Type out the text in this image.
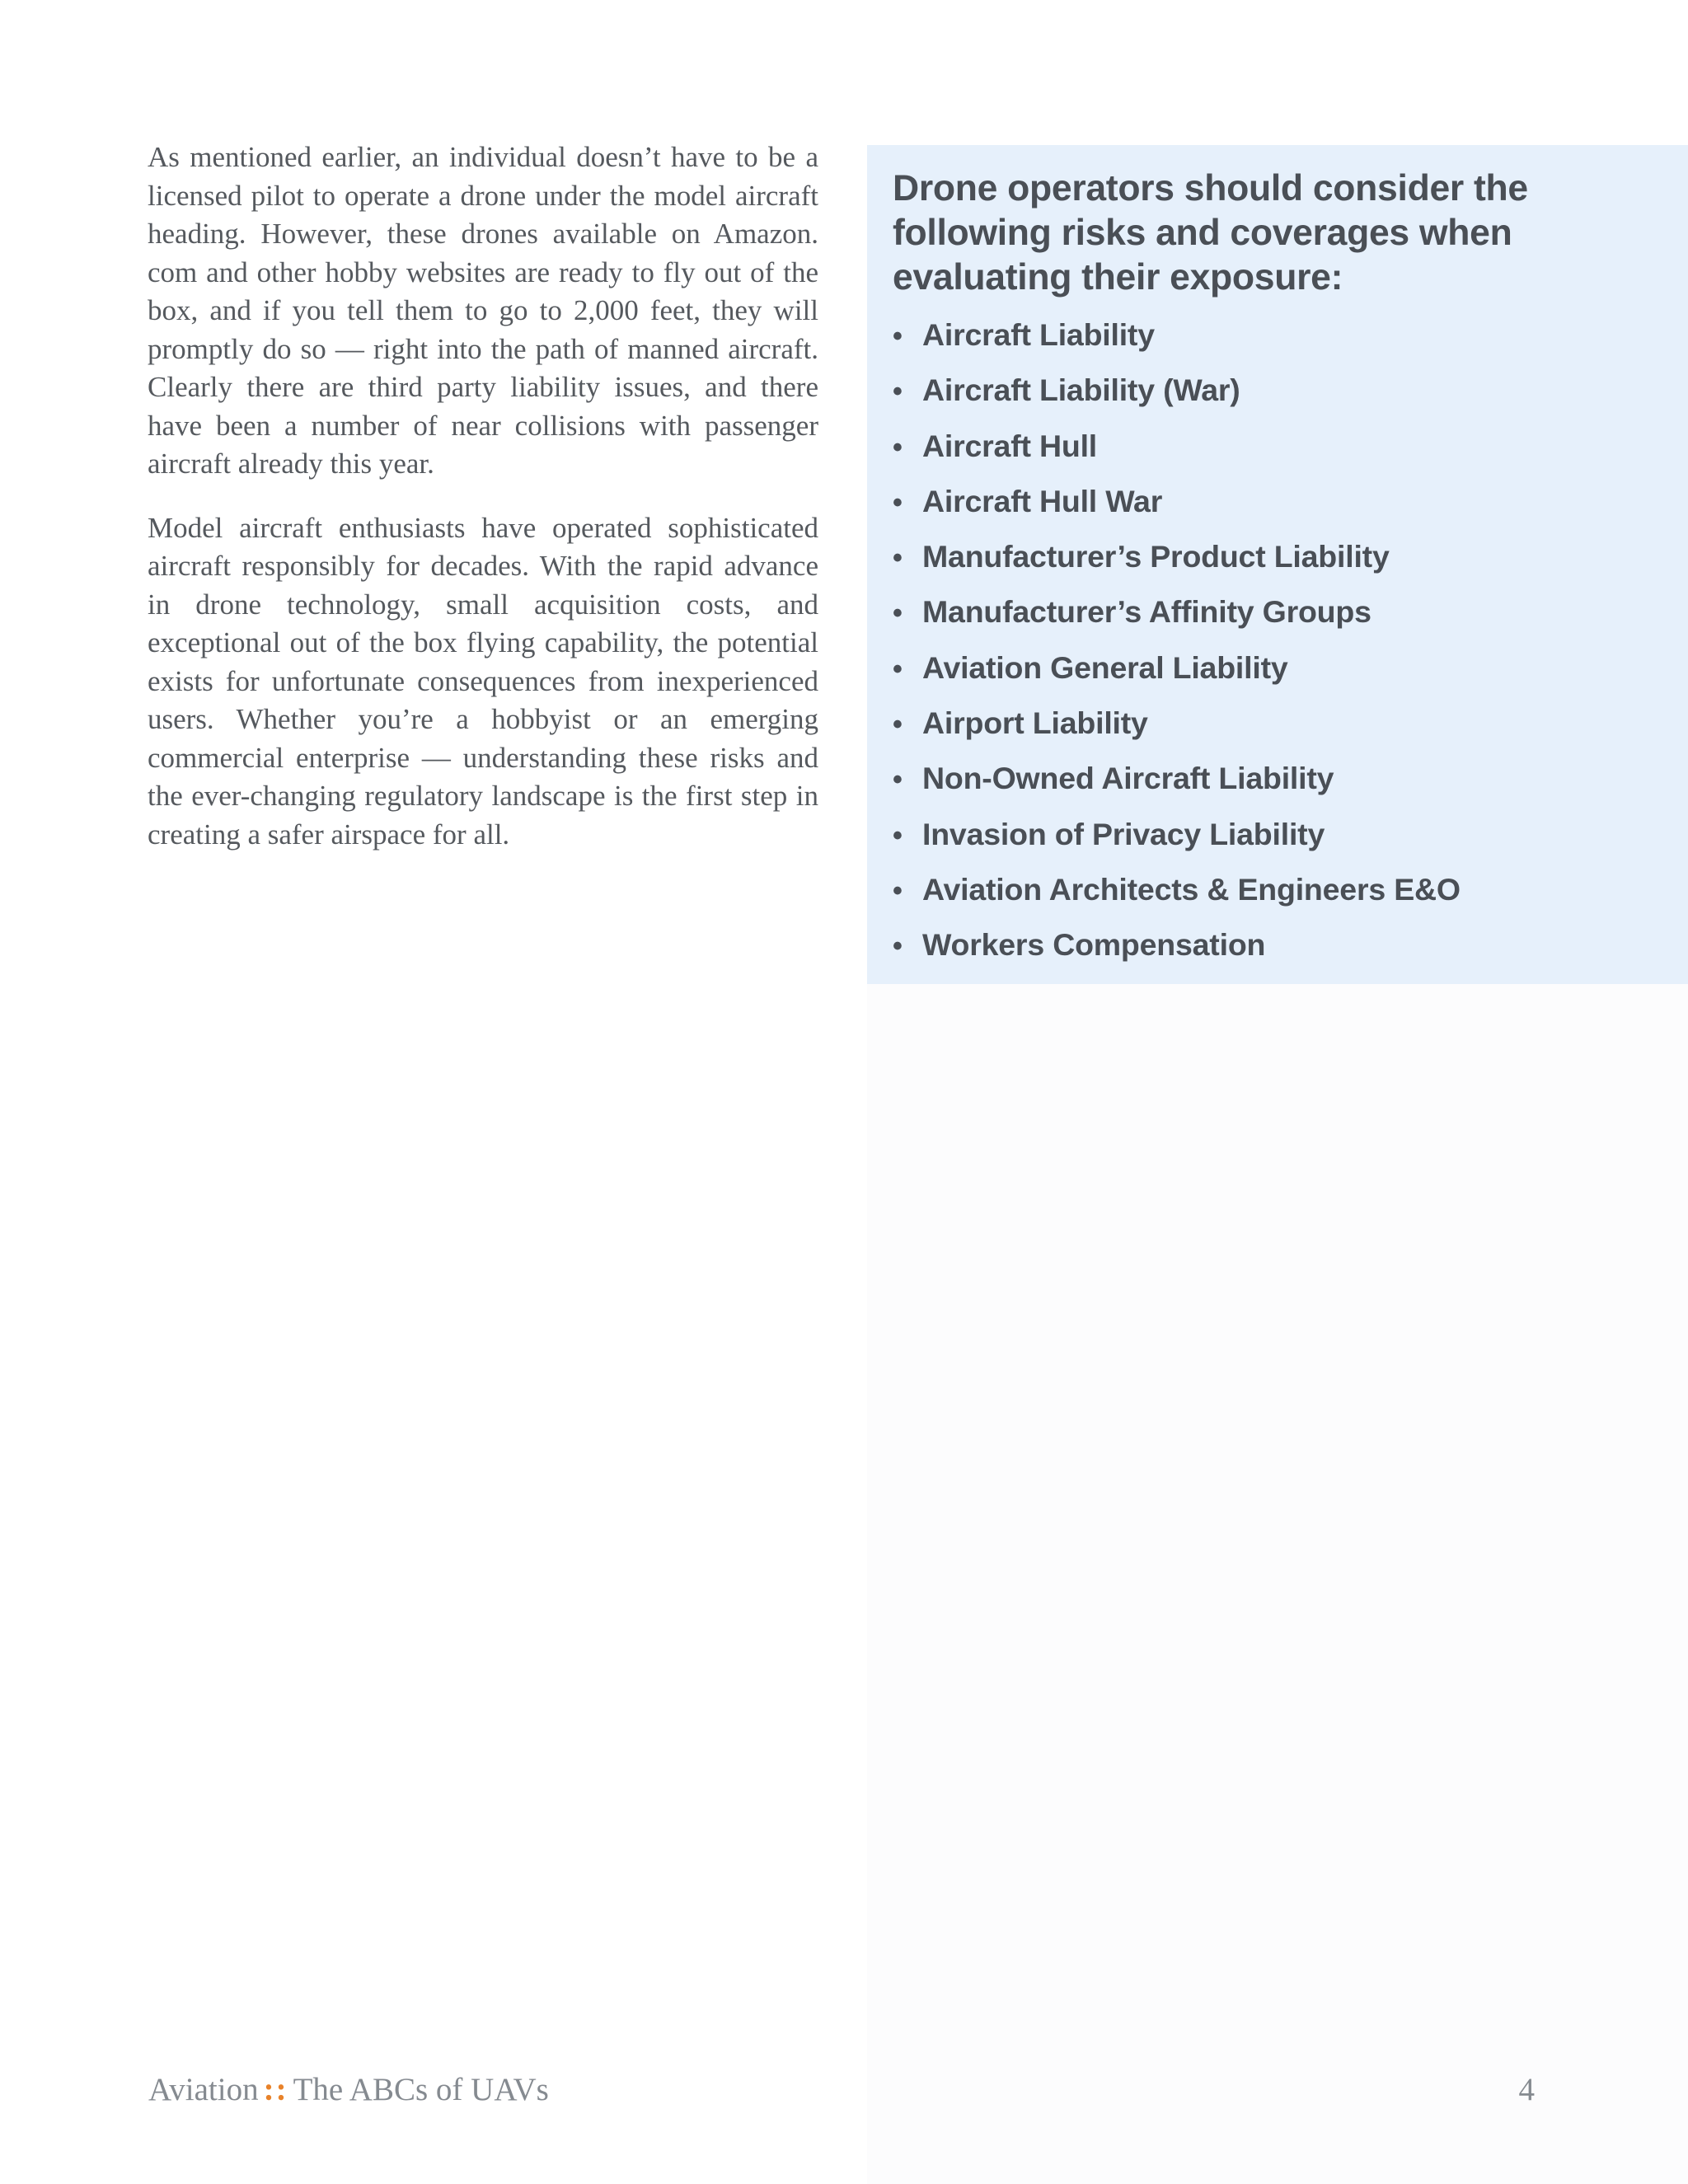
As mentioned earlier, an individual doesn’t have to be a licensed pilot to operate a drone under the model aircraft heading. However, these drones available on Amazon.​com and other hobby websites are ready to fly out of the box, and if you tell them to go to 2,000 feet, they will promptly do so — right into the path of manned aircraft. Clearly there are third party liability issues, and there have been a number of near collisions with passenger aircraft already this year.

Model aircraft enthusiasts have operated sophisticated aircraft responsibly for decades. With the rapid advance in drone technology, small acquisition costs, and exceptional out of the box flying capability, the potential exists for unfortunate consequences from inexperienced users. Whether you’re a hobbyist or an emerging commercial enterprise — understanding these risks and the ever-​changing regulatory landscape is the first step in creating a safer airspace for all.

Drone operators should consider the following risks and coverages when evaluating their exposure:
• Aircraft Liability
• Aircraft Liability (War)
• Aircraft Hull
• Aircraft Hull War
• Manufacturer’s Product Liability
• Manufacturer’s Affinity Groups
• Aviation General Liability
• Airport Liability
• Non-Owned Aircraft Liability
• Invasion of Privacy Liability
• Aviation Architects & Engineers E&O
• Workers Compensation
Aviation :: The ABCs of UAVs	4
